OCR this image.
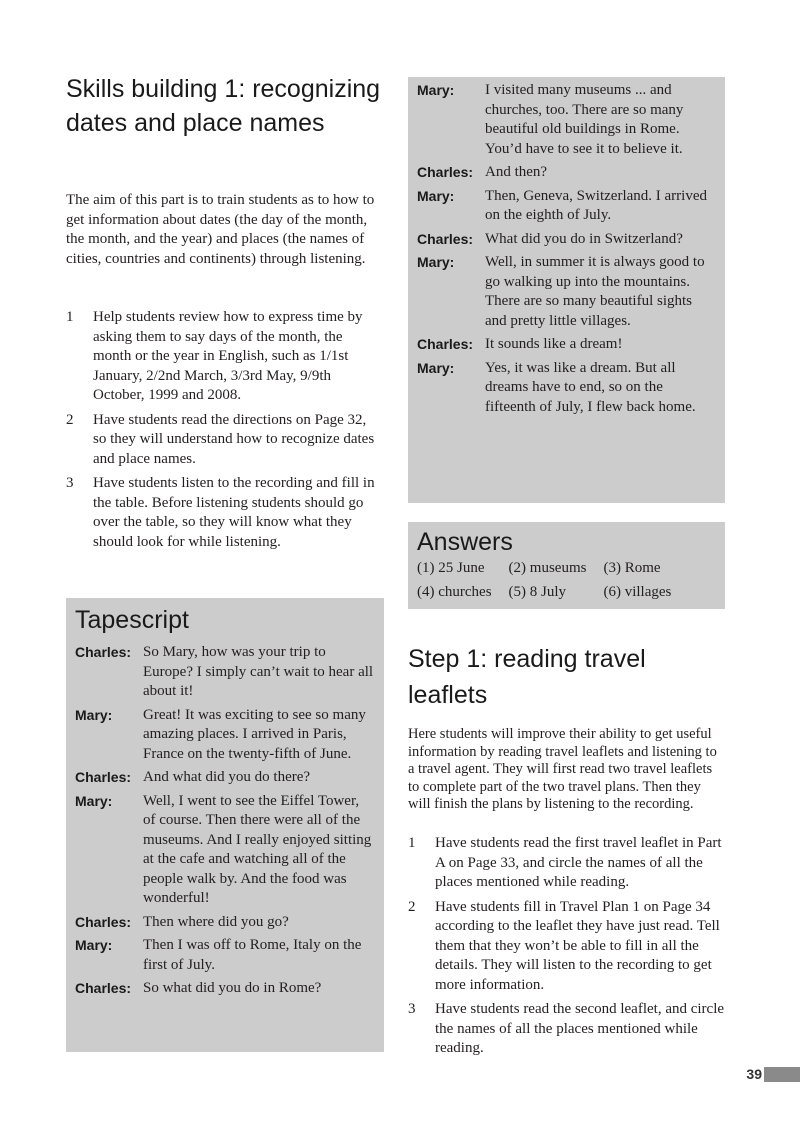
Skills building 1: recognizing dates and place names

The aim of this part is to train students as to how to get information about dates (the day of the month, the month, and the year) and places (the names of cities, countries and continents) through listening.

1 Help students review how to express time by asking them to say days of the month, the month or the year in English, such as 1/1st January, 2/2nd March, 3/3rd May, 9/9th October, 1999 and 2008.
2 Have students read the directions on Page 32, so they will understand how to recognize dates and place names.
3 Have students listen to the recording and fill in the table. Before listening students should go over the table, so they will know what they should look for while listening.
Tapescript
Charles: So Mary, how was your trip to Europe? I simply can’t wait to hear all about it!
Mary:	Great! It was exciting to see so many amazing places. I arrived in Paris, France on the twenty-fifth of June.
Charles: And what did you do there?
Mary:	Well, I went to see the Eiffel Tower, of course. Then there were all of the museums. And I really enjoyed sitting at the cafe and watching all of the people walk by. And the food was wonderful!
Charles: Then where did you go?
Mary:	Then I was off to Rome, Italy on the first of July.
Charles: So what did you do in Rome?
Mary:	I visited many museums ... and churches, too. There are so many beautiful old buildings in Rome. You’d have to see it to believe it.
Charles: And then?
Mary:	Then, Geneva, Switzerland. I arrived on the eighth of July.
Charles: What did you do in Switzerland?
Mary:	Well, in summer it is always good to go walking up into the mountains. There are so many beautiful sights and pretty little villages.
Charles: It sounds like a dream!
Mary:	Yes, it was like a dream. But all dreams have to end, so on the fifteenth of July, I flew back home.
Answers
(1) 25 June	(2) museums	(3) Rome
(4) churches	(5) 8 July	(6) villages
Step 1: reading travel leaflets

Here students will improve their ability to get useful information by reading travel leaflets and listening to a travel agent. They will first read two travel leaflets to complete part of the two travel plans. Then they will finish the plans by listening to the recording.

1 Have students read the first travel leaflet in Part A on Page 33, and circle the names of all the places mentioned while reading.
2 Have students fill in Travel Plan 1 on Page 34 according to the leaflet they have just read. Tell them that they won’t be able to fill in all the details. They will listen to the recording to get more information.
3 Have students read the second leaflet, and circle the names of all the places mentioned while reading.
39
